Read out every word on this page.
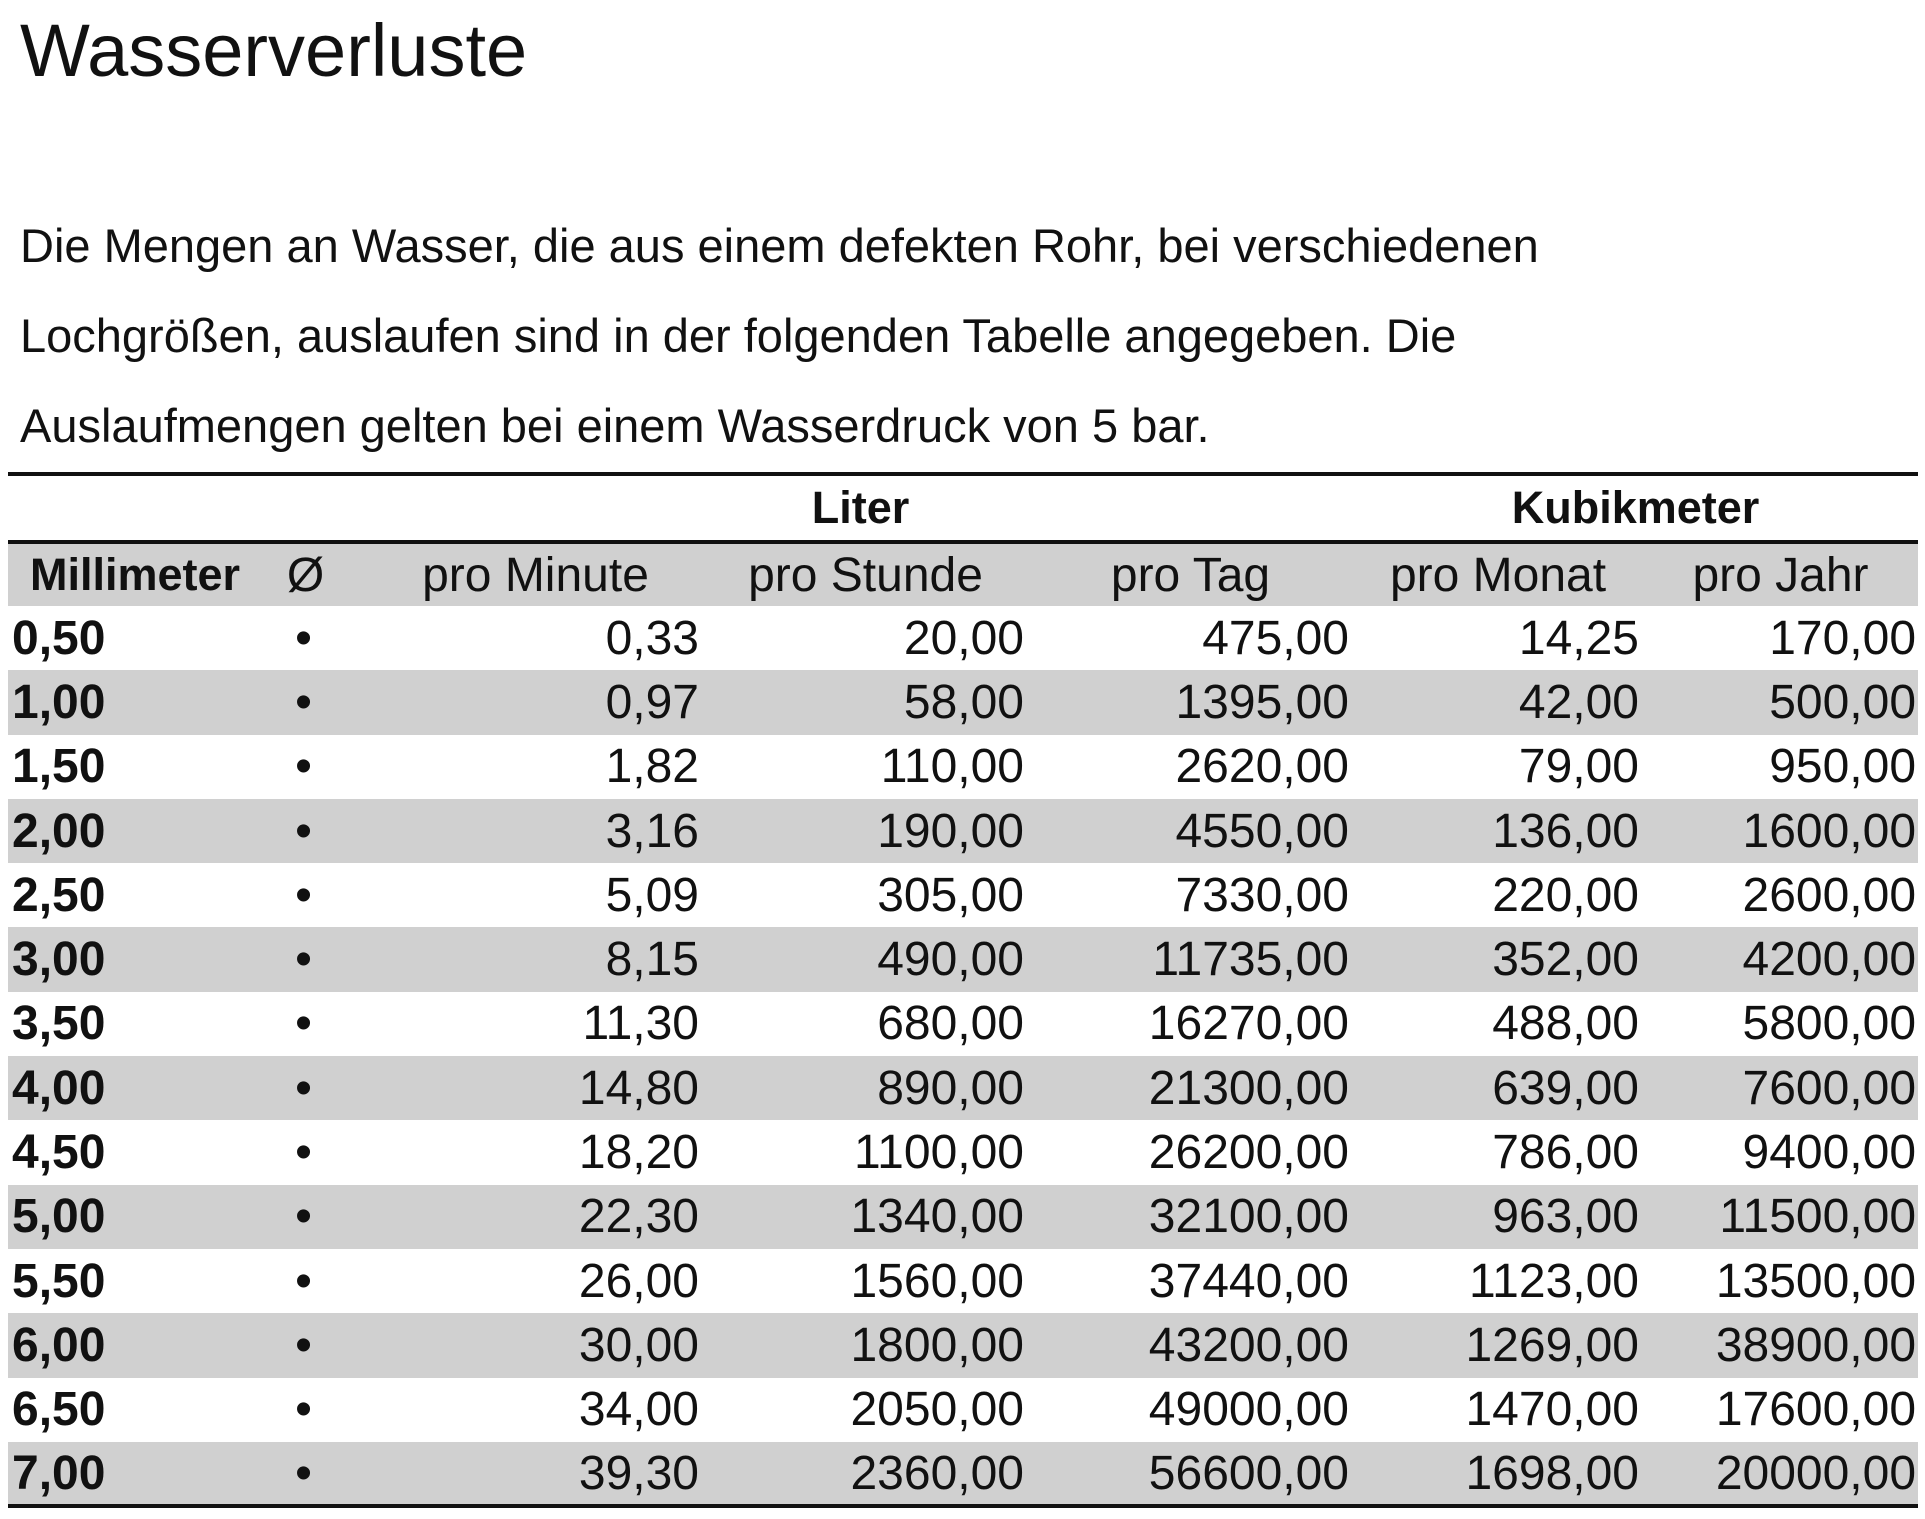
Wasserverluste

Die Mengen an Wasser, die aus einem defekten Rohr, bei verschiedenen Lochgrößen, auslaufen sind in der folgenden Tabelle angegeben. Die Auslaufmengen gelten bei einem Wasserdruck von 5 bar.

		Liter			Kubikmeter	
Millimeter	Ø	pro Minute	pro Stunde	pro Tag	pro Monat	pro Jahr
0,50	•	0,33	20,00	475,00	14,25	170,00
1,00	•	0,97	58,00	1395,00	42,00	500,00
1,50	•	1,82	110,00	2620,00	79,00	950,00
2,00	•	3,16	190,00	4550,00	136,00	1600,00
2,50	•	5,09	305,00	7330,00	220,00	2600,00
3,00	•	8,15	490,00	11735,00	352,00	4200,00
3,50	•	11,30	680,00	16270,00	488,00	5800,00
4,00	•	14,80	890,00	21300,00	639,00	7600,00
4,50	•	18,20	1100,00	26200,00	786,00	9400,00
5,00	•	22,30	1340,00	32100,00	963,00	11500,00
5,50	•	26,00	1560,00	37440,00	1123,00	13500,00
6,00	•	30,00	1800,00	43200,00	1269,00	38900,00
6,50	•	34,00	2050,00	49000,00	1470,00	17600,00
7,00	•	39,30	2360,00	56600,00	1698,00	20000,00
